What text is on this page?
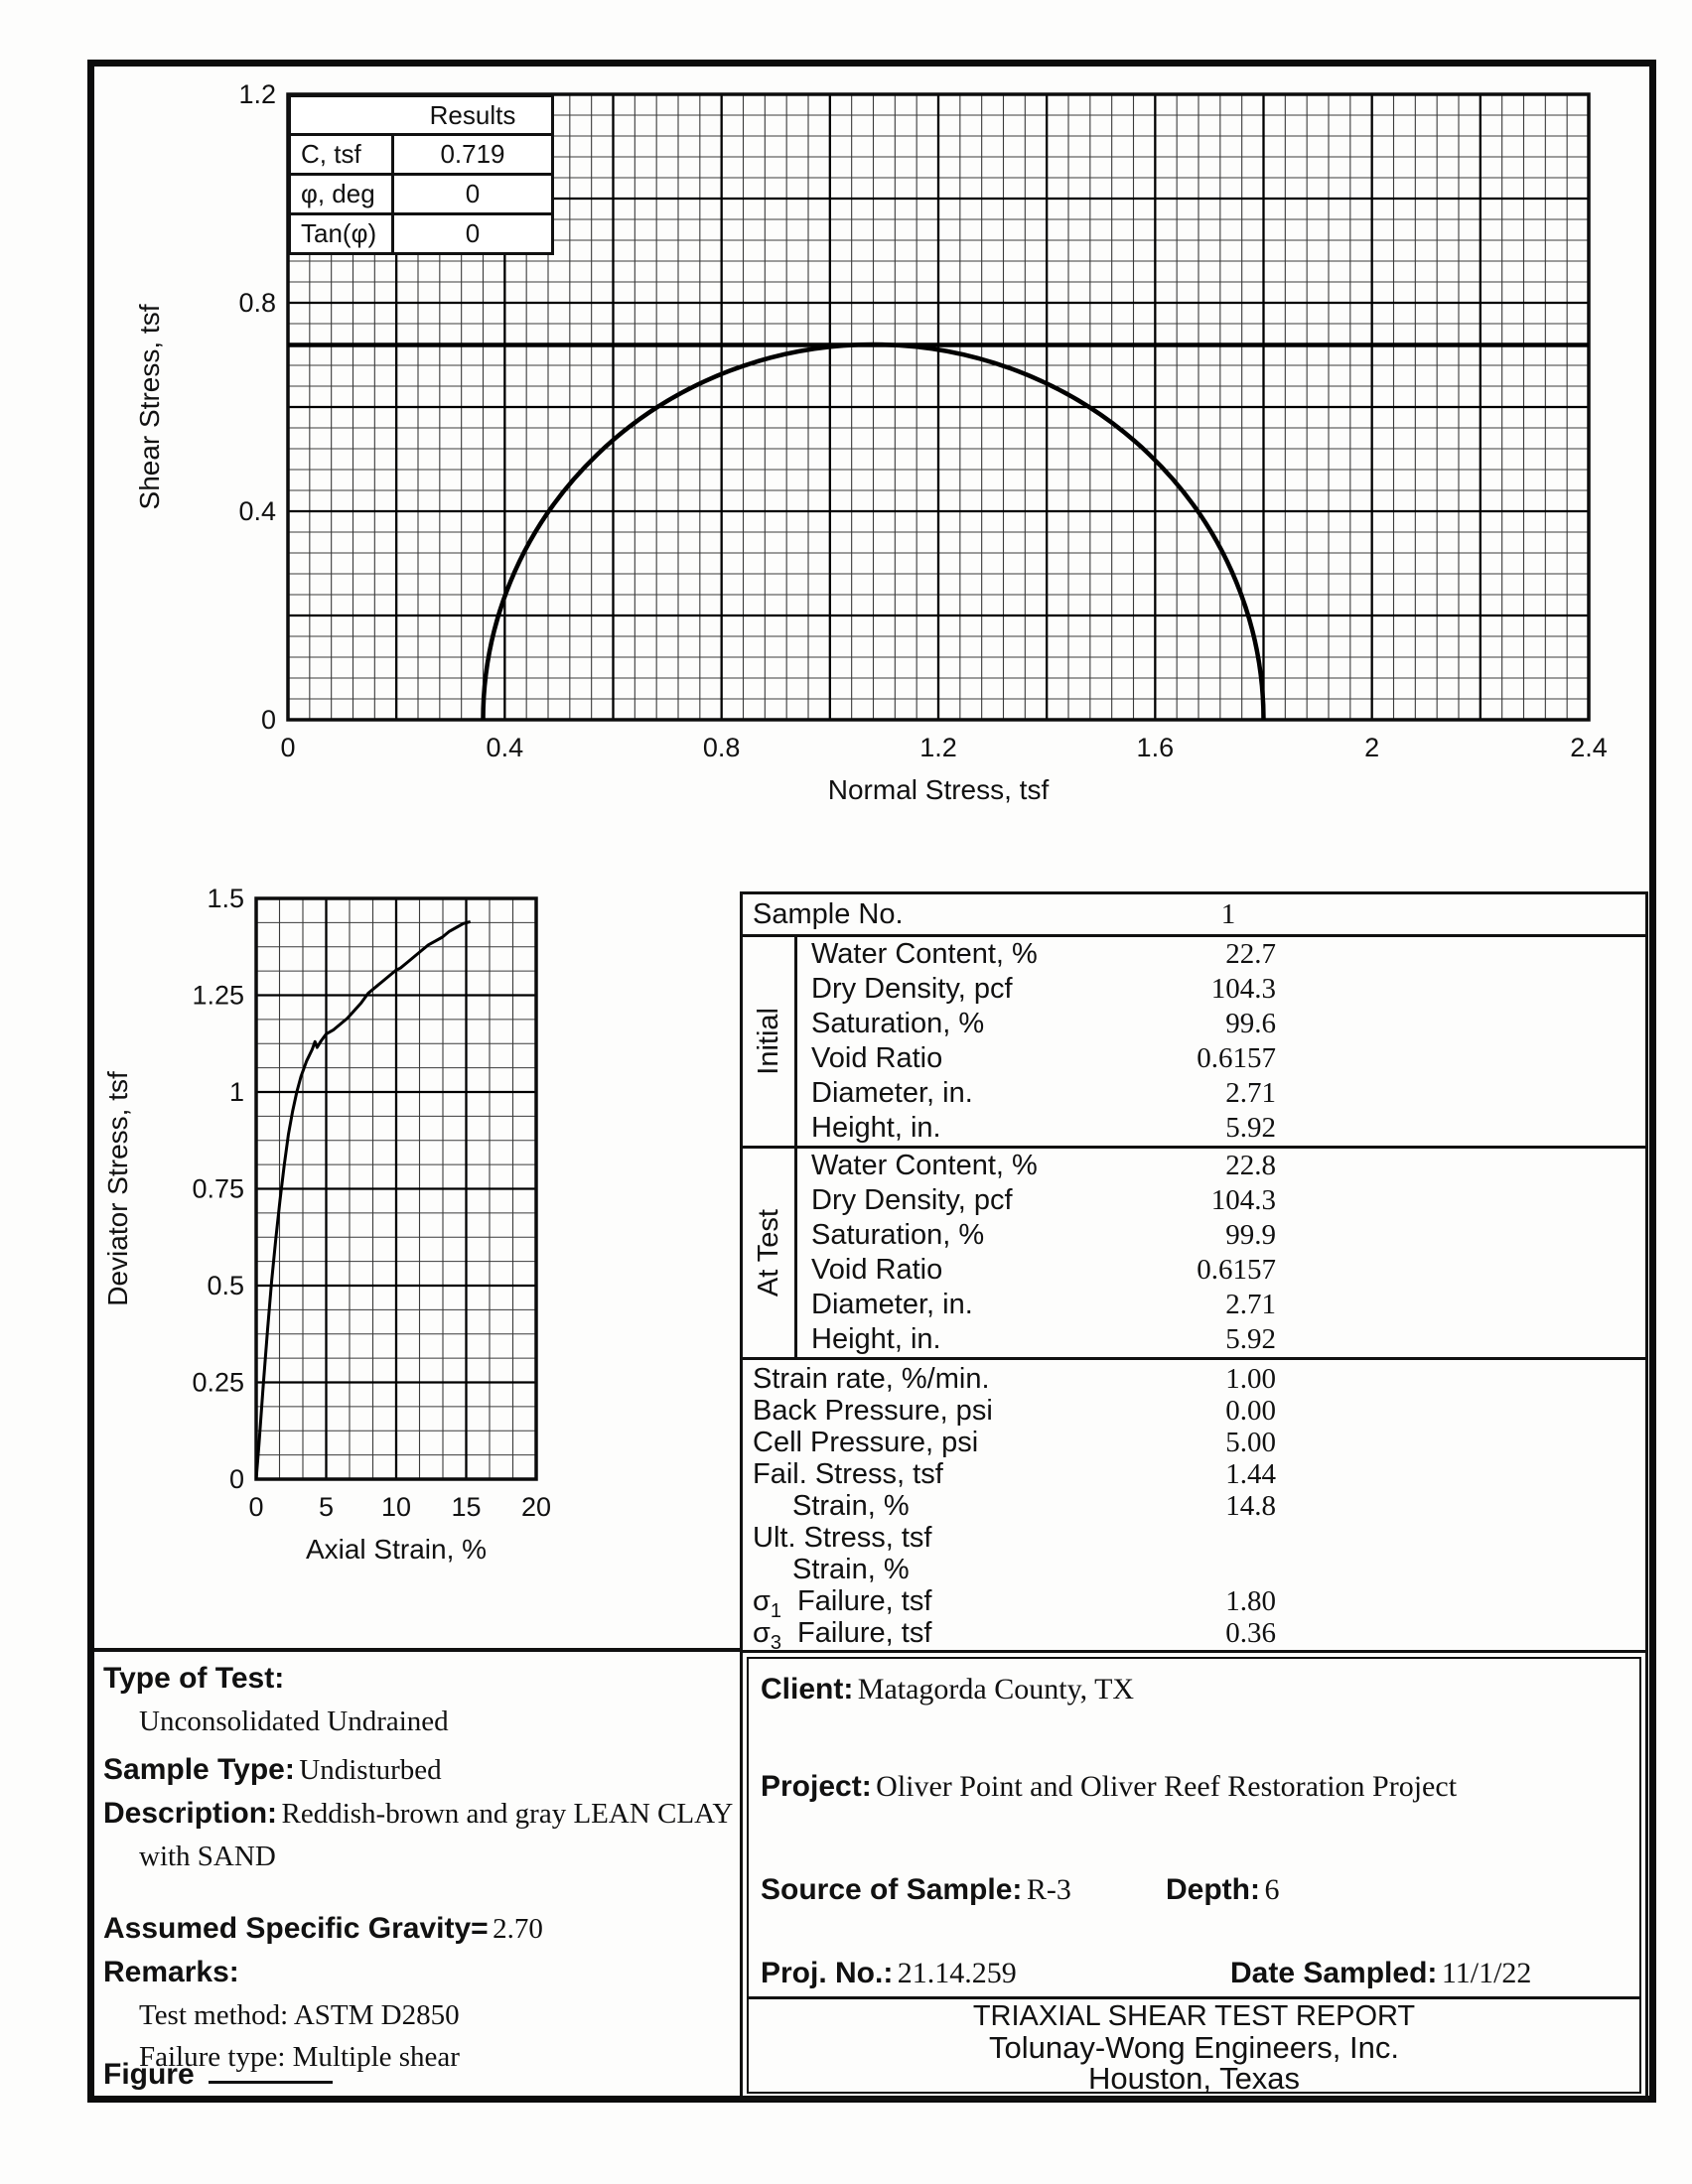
0	0.4	0.8	1.2	1.6	2	2.4
0
0.4
0.8
1.2
Normal Stress, tsf
Shear Stress, tsf
0 5 10 15 20
0
0.25
0.5
0.75
1
1.25
1.5
Axial Strain, %
Deviator Stress, tsf
Results
C, tsf	0.719
φ, deg	0
Tan(φ)	0
Sample No.	1
Initial
Water Content, %	22.7
Dry Density, pcf	104.3
Saturation, %	99.6
Void Ratio	0.6157
Diameter, in.	2.71
Height, in.	5.92
At Test
Water Content, %	22.8
Dry Density, pcf	104.3
Saturation, %	99.9
Void Ratio	0.6157
Diameter, in.	2.71
Height, in.	5.92
Strain rate, %/min.	1.00
Back Pressure, psi	0.00
Cell Pressure, psi	5.00
Fail. Stress, tsf	1.44
Strain, %	14.8
Ult. Stress, tsf
Strain, %
$\sigma_1$ Failure, tsf	1.80
$\sigma_3$ Failure, tsf	0.36
Type of Test:
Unconsolidated Undrained
Sample Type: Undisturbed
Description: Reddish-brown and gray LEAN CLAY
with SAND
Assumed Specific Gravity= 2.70
Remarks:
Test method: ASTM D2850
Failure type: Multiple shear
Figure
Client: Matagorda County, TX
Project: Oliver Point and Oliver Reef Restoration Project
Source of Sample: R-3	Depth: 6
Proj. No.: 21.14.259	Date Sampled: 11/1/22
TRIAXIAL SHEAR TEST REPORT
Tolunay-Wong Engineers, Inc.
Houston, Texas
